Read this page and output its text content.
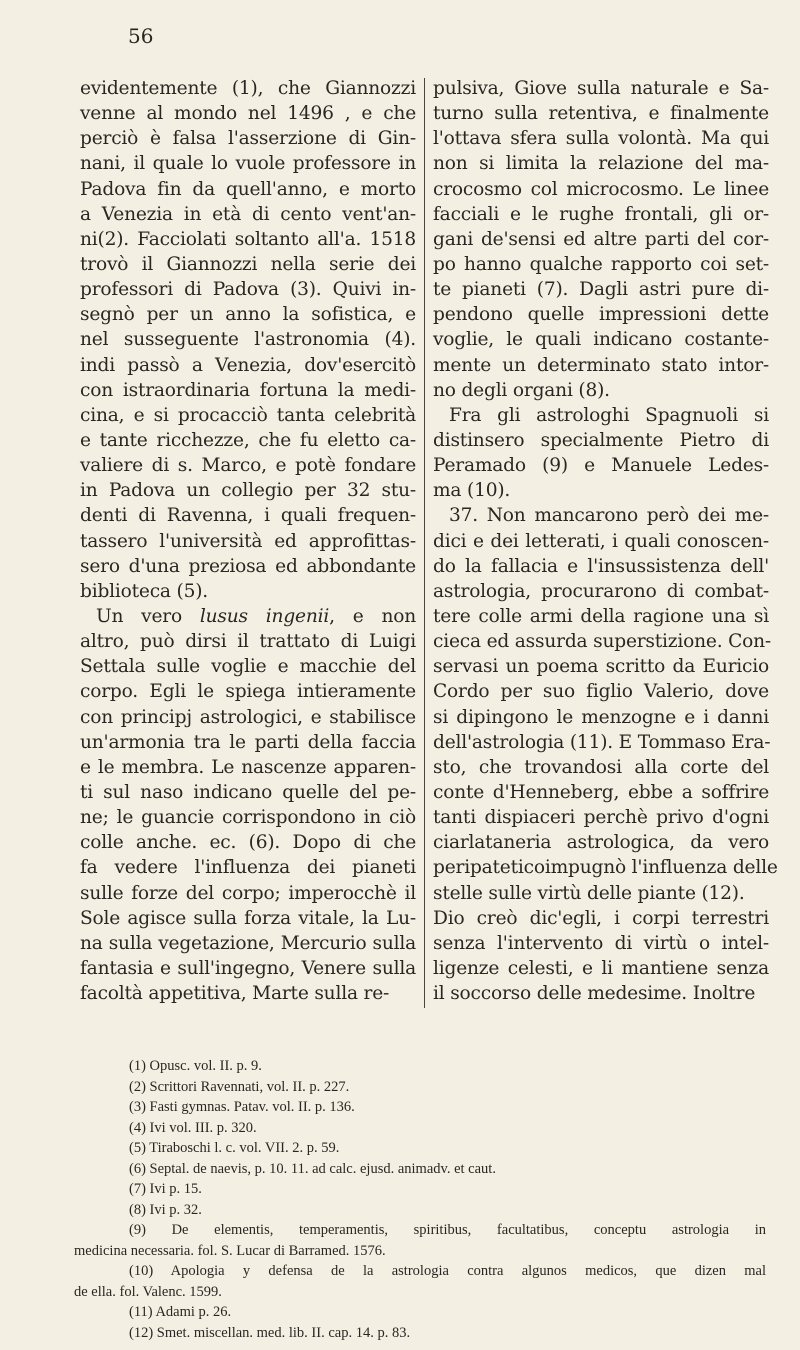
56
evidentemente (1), che Giannozzi
venne al mondo nel 1496 , e che
perciò è falsa l'asserzione di Gin-
nani, il quale lo vuole professore in
Padova fin da quell'anno, e morto
a Venezia in età di cento vent'an-
ni(2). Facciolati soltanto all'a. 1518
trovò il Giannozzi nella serie dei
professori di Padova (3). Quivi in-
segnò per un anno la sofistica, e
nel susseguente l'astronomia (4).
indi passò a Venezia, dov'esercitò
con istraordinaria fortuna la medi-
cina, e si procacciò tanta celebrità
e tante ricchezze, che fu eletto ca-
valiere di s. Marco, e potè fondare
in Padova un collegio per 32 stu-
denti di Ravenna, i quali frequen-
tassero l'università ed approfittas-
sero d'una preziosa ed abbondante
biblioteca (5).
Un vero lusus ingenii, e non
altro, può dirsi il trattato di Luigi
Settala sulle voglie e macchie del
corpo. Egli le spiega intieramente
con principj astrologici, e stabilisce
un'armonia tra le parti della faccia
e le membra. Le nascenze apparen-
ti sul naso indicano quelle del pe-
ne; le guancie corrispondono in ciò
colle anche. ec. (6). Dopo di che
fa vedere l'influenza dei pianeti
sulle forze del corpo; imperocchè il
Sole agisce sulla forza vitale, la Lu-
na sulla vegetazione, Mercurio sulla
fantasia e sull'ingegno, Venere sulla
facoltà appetitiva, Marte sulla re-
pulsiva, Giove sulla naturale e Sa-
turno sulla retentiva, e finalmente
l'ottava sfera sulla volontà. Ma qui
non si limita la relazione del ma-
crocosmo col microcosmo. Le linee
facciali e le rughe frontali, gli or-
gani de'sensi ed altre parti del cor-
po hanno qualche rapporto coi set-
te pianeti (7). Dagli astri pure di-
pendono quelle impressioni dette
voglie, le quali indicano costante-
mente un determinato stato intor-
no degli organi (8).
Fra gli astrologhi Spagnuoli si
distinsero specialmente Pietro di
Peramado (9) e Manuele Ledes-
ma (10).
37. Non mancarono però dei me-
dici e dei letterati, i quali conoscen-
do la fallacia e l'insussistenza dell'
astrologia, procurarono di combat-
tere colle armi della ragione una sì
cieca ed assurda superstizione. Con-
servasi un poema scritto da Euricio
Cordo per suo figlio Valerio, dove
si dipingono le menzogne e i danni
dell'astrologia (11). E Tommaso Era-
sto, che trovandosi alla corte del
conte d'Henneberg, ebbe a soffrire
tanti dispiaceri perchè privo d'ogni
ciarlataneria astrologica, da vero
peripateticoimpugnò l'influenza delle
stelle sulle virtù delle piante (12).
Dio creò dic'egli, i corpi terrestri
senza l'intervento di virtù o intel-
ligenze celesti, e li mantiene senza
il soccorso delle medesime. Inoltre
(1) Opusc. vol. II. p. 9.
(2) Scrittori Ravennati, vol. II. p. 227.
(3) Fasti gymnas. Patav. vol. II. p. 136.
(4) Ivi vol. III. p. 320.
(5) Tiraboschi l. c. vol. VII. 2. p. 59.
(6) Septal. de naevis, p. 10. 11. ad calc. ejusd. animadv. et caut.
(7) Ivi p. 15.
(8) Ivi p. 32.
(9) De elementis, temperamentis, spiritibus, facultatibus, conceptu astrologia in
medicina necessaria. fol. S. Lucar di Barramed. 1576.
(10) Apologia y defensa de la astrologia contra algunos medicos, que dizen mal
de ella. fol. Valenc. 1599.
(11) Adami p. 26.
(12) Smet. miscellan. med. lib. II. cap. 14. p. 83.
